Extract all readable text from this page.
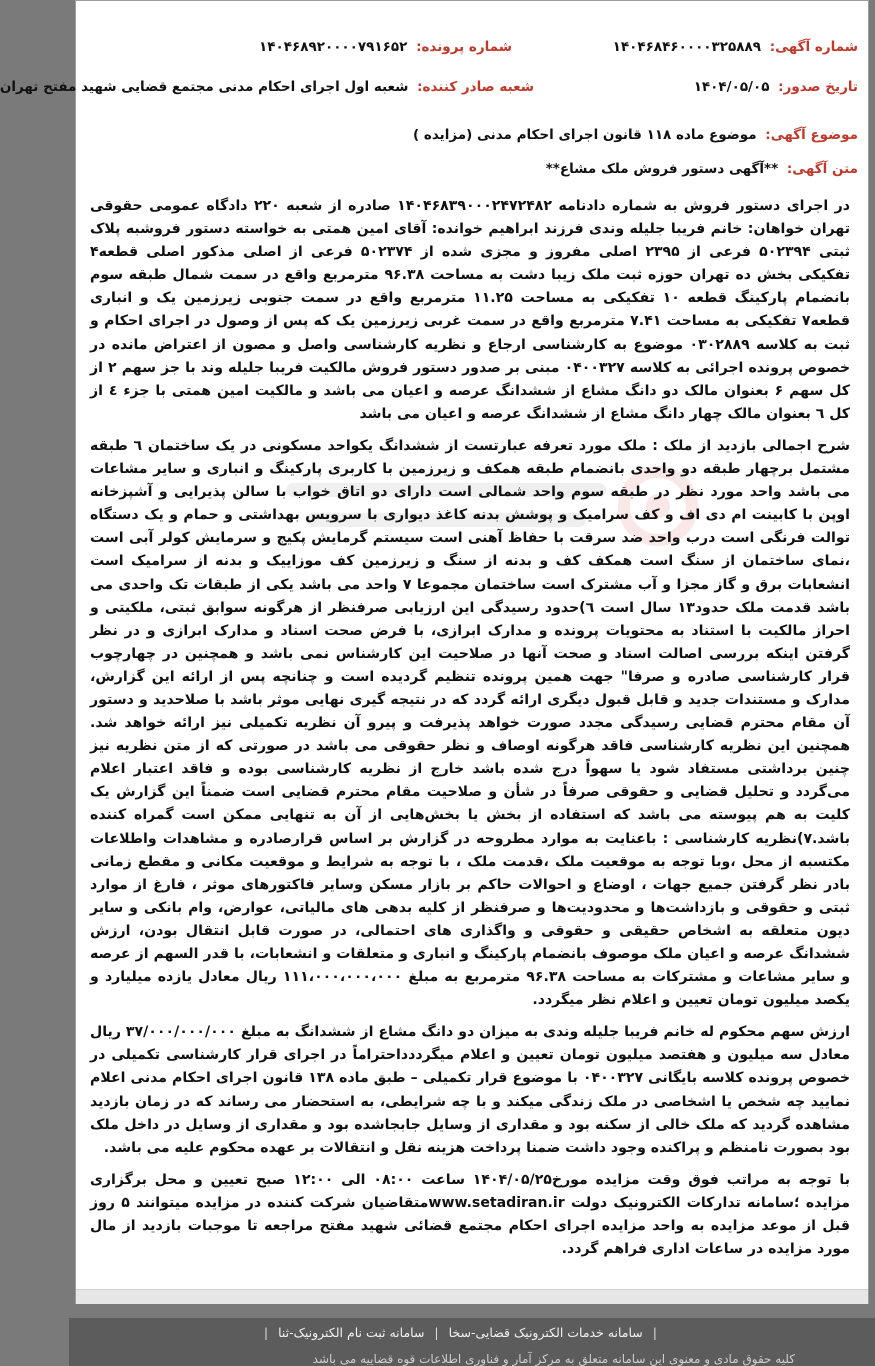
شماره آگهی: ۱۴۰۴۶۸۴۶۰۰۰۰۳۲۵۸۸۹
شماره پرونده: ۱۴۰۴۶۸۹۲۰۰۰۰۷۹۱۶۵۲
تاریخ صدور: ۱۴۰۴/۰۵/۰۵
شعبه صادر کننده: شعبه اول اجرای احکام مدنی مجتمع قضایی شهید مفتح تهران
موضوع آگهی: موضوع ماده ۱۱۸ قانون اجرای احکام مدنی (مزایده )
متن آگهی: **آگهی دستور فروش ملک مشاع**

در اجرای دستور فروش به شماره دادنامه ۱۴۰۴۶۸۳۹۰۰۰۲۴۷۲۴۸۲ صادره از شعبه ۲۲۰ دادگاه عمومی حقوقی تهران خواهان: خانم فریبا جلیله وندی فرزند ابراهیم خوانده: آقای امین همتی به خواسته دستور فروشبه پلاک ثبتی ۵۰۲۳۹۴ فرعی از ۲۳۹۵ اصلی مفروز و مجزی شده از ۵۰۲۳۷۴ فرعی از اصلی مذکور اصلی قطعه۴ تفکیکی بخش ده تهران حوزه ثبت ملک زیبا دشت به مساحت ۹۶.۳۸ مترمربع واقع در سمت شمال طبقه سوم بانضمام پارکینگ قطعه ۱۰ تفکیکی به مساحت ۱۱.۲۵ مترمربع واقع در سمت جنوبی زیرزمین یک و انباری قطعه۷ تفکیکی به مساحت ۷.۴۱ مترمربع واقع در سمت غربی زیرزمین یک که پس از وصول در اجرای احکام و ثبت به کلاسه ۰۳۰۲۸۸۹ موضوع به کارشناسی ارجاع و نظریه کارشناسی واصل و مصون از اعتراض مانده در خصوص پرونده اجرائی به کلاسه ۰۴۰۰۳۲۷ مبنی بر صدور دستور فروش مالکیت فریبا جلیله وند با جز سهم ۲ از کل سهم ۶ بعنوان مالک دو دانگ مشاع از ششدانگ عرصه و اعیان می باشد و مالکیت امین همتی با جزء ٤ از کل ٦ بعنوان مالک چهار دانگ مشاع از ششدانگ عرصه و اعیان می باشد

شرح اجمالی بازدید از ملک : ملک مورد تعرفه عبارتست از ششدانگ یکواحد مسکونی در یک ساختمان ٦ طبقه مشتمل برچهار طبقه دو واحدی بانضمام طبقه همکف و زیرزمین با کاربری پارکینگ و انباری و سایر مشاعات می باشد واحد مورد نظر در طبقه سوم واحد شمالی است دارای دو اتاق خواب با سالن پذیرایی و آشپزخانه اوپن با کابینت ام دی اف و کف سرامیک و پوشش بدنه کاغذ دیواری با سرویس بهداشتی و حمام و یک دستگاه توالت فرنگی است درب واحد ضد سرقت با حفاظ آهنی است سیستم گرمایش پکیج و سرمایش کولر آبی است ،نمای ساختمان از سنگ است همکف کف و بدنه از سنگ و زیرزمین کف موزاییک و بدنه از سرامیک است انشعابات برق و گاز مجزا و آب مشترک است ساختمان مجموعا ۷ واحد می باشد یکی از طبقات تک واحدی می باشد قدمت ملک حدود۱۳ سال است ٦)حدود رسیدگی این ارزیابی صرفنظر از هرگونه سوابق ثبتی، ملکیتی و احراز مالکیت با استناد به محتویات پرونده و مدارک ابرازی، با فرض صحت اسناد و مدارک ابرازی و در نظر گرفتن اینکه بررسی اصالت اسناد و صحت آنها در صلاحیت این کارشناس نمی باشد و همچنین در چهارچوب قرار کارشناسی صادره و صرفا" جهت همین پرونده تنظیم گردیده است و چنانچه پس از ارائه این گزارش، مدارک و مستندات جدید و قابل قبول دیگری ارائه گردد که در نتیجه گیری نهایی موثر باشد با صلاحدید و دستور آن مقام محترم قضایی رسیدگی مجدد صورت خواهد پذیرفت و پیرو آن نظریه تکمیلی نیز ارائه خواهد شد. همچنین این نظریه کارشناسی فاقد هرگونه اوصاف و نظر حقوقی می باشد در صورتی که از متن نظریه نیز چنین برداشتی مستفاد شود یا سهواً درج شده باشد خارج از نظریه کارشناسی بوده و فاقد اعتبار اعلام می‌گردد و تحلیل قضایی و حقوقی صرفاً در شأن و صلاحیت مقام محترم قضایی است ضمناً این گزارش یک کلیت به هم پیوسته می باشد که استفاده از بخش یا بخش‌هایی از آن به تنهایی ممکن است گمراه کننده باشد.۷)نظریه کارشناسی : باعنایت به موارد مطروحه در گزارش بر اساس قرارصادره و مشاهدات واطلاعات مکتسبه از محل ،وبا توجه به موقعیت ملک ،قدمت ملک ، با توجه به شرایط و موقعیت مکانی و مقطع زمانی بادر نظر گرفتن جمیع جهات ، اوضاع و احوالات حاکم بر بازار مسکن وسایر فاکتورهای موثر ، فارغ از موارد ثبتی و حقوقی و بازداشت‌ها و محدودیت‌ها و صرفنظر از کلیه بدهی های مالیاتی، عوارض، وام بانکی و سایر دیون متعلقه به اشخاص حقیقی و حقوقی و واگذاری های احتمالی، در صورت قابل انتقال بودن، ارزش ششدانگ عرصه و اعیان ملک موصوف بانضمام پارکینگ و انباری و متعلقات و انشعابات، با قدر السهم از عرصه و سایر مشاعات و مشترکات به مساحت ۹۶.۳۸ مترمربع به مبلغ ۱۱۱،۰۰۰،۰۰۰،۰۰۰ ریال معادل یازده میلیارد و یکصد میلیون تومان تعیین و اعلام نظر میگردد.

ارزش سهم محکوم له خانم فریبا جلیله وندی به میزان دو دانگ مشاع از ششدانگ به مبلغ ۳۷/۰۰۰/۰۰۰/۰۰۰ ریال معادل سه میلیون و هفتصد میلیون تومان تعیین و اعلام میگرددداحتراماً در اجرای قرار کارشناسی تکمیلی در خصوص پرونده کلاسه بایگانی ۰۴۰۰۳۲۷ با موضوع قرار تکمیلی – طبق ماده ۱۳۸ قانون اجرای احکام مدنی اعلام نمایید چه شخص یا اشخاصی در ملک زندگی میکند و با چه شرایطی، به استحضار می رساند که در زمان بازدید مشاهده گردید که ملک خالی از سکنه بود و مقداری از وسایل جابجاشده بود و مقداری از وسایل در داخل ملک بود بصورت نامنظم و پراکنده وجود داشت ضمنا پرداخت هزینه نقل و انتقالات بر عهده محکوم علیه می باشد.

با توجه به مراتب فوق وقت مزایده مورخ۱۴۰۴/۰۵/۲۵ ساعت ۰۸:۰۰ الی ۱۲:۰۰ صبح تعیین و محل برگزاری مزایده ؛سامانه تدارکات الکترونیک دولت www.setadiran.irمتقاضیان شرکت کننده در مزایده میتوانند ۵ روز قبل از موعد مزایده به واحد مزایده اجرای احکام مجتمع قضائی شهید مفتح مراجعه تا موجبات بازدید از مال مورد مزایده در ساعات اداری فراهم گردد.

| سامانه خدمات الکترونیک قضایی-سخا | سامانه ثبت نام الکترونیک-ثنا |
کلیه حقوق مادی و معنوی این سامانه متعلق به مرکز آمار و فناوری اطلاعات قوه قضاییه می باشد
